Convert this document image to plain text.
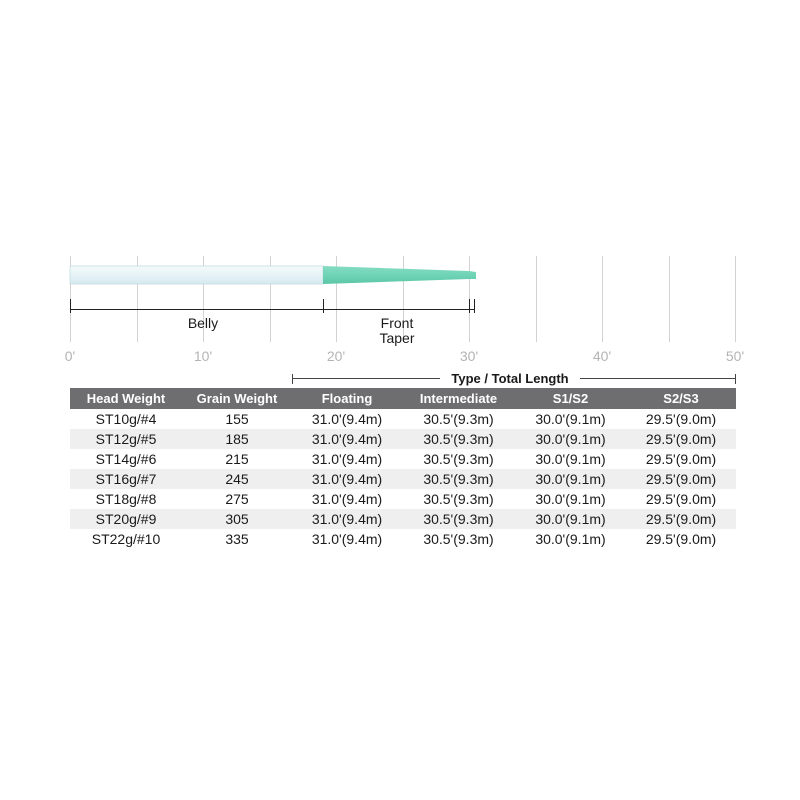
Belly	Front
Taper
0'	10'	20'	30'	40'	50'
Type / Total Length
Head Weight	Grain Weight	Floating	Intermediate	S1/S2	S2/S3
ST10g/#4	155	31.0'(9.4m)	30.5'(9.3m)	30.0'(9.1m)	29.5'(9.0m)
ST12g/#5	185	31.0'(9.4m)	30.5'(9.3m)	30.0'(9.1m)	29.5'(9.0m)
ST14g/#6	215	31.0'(9.4m)	30.5'(9.3m)	30.0'(9.1m)	29.5'(9.0m)
ST16g/#7	245	31.0'(9.4m)	30.5'(9.3m)	30.0'(9.1m)	29.5'(9.0m)
ST18g/#8	275	31.0'(9.4m)	30.5'(9.3m)	30.0'(9.1m)	29.5'(9.0m)
ST20g/#9	305	31.0'(9.4m)	30.5'(9.3m)	30.0'(9.1m)	29.5'(9.0m)
ST22g/#10	335	31.0'(9.4m)	30.5'(9.3m)	30.0'(9.1m)	29.5'(9.0m)
